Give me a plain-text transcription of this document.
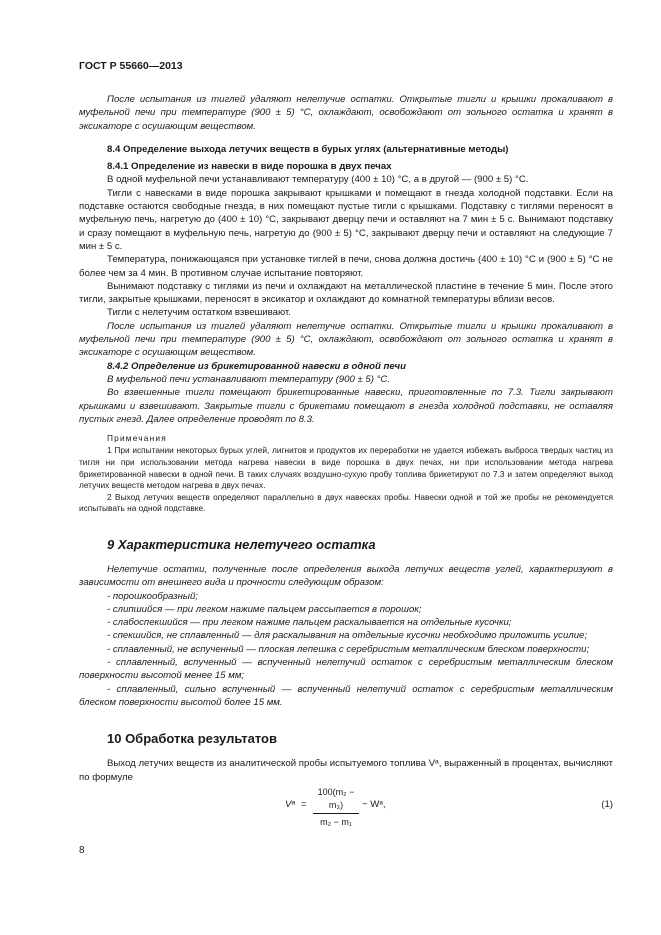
ГОСТ Р 55660—2013

После испытания из тиглей удаляют нелетучие остатки. Открытые тигли и крышки прокаливают в муфельной печи при температуре (900 ± 5) °C, охлаждают, освобождают от зольного остатка и хранят в эксикаторе с осушающим веществом.

8.4 Определение выхода летучих веществ в бурых углях (альтернативные методы)

8.4.1 Определение из навески в виде порошка в двух печах

В одной муфельной печи устанавливают температуру (400 ± 10) °C, а в другой — (900 ± 5) °C.

Тигли с навесками в виде порошка закрывают крышками и помещают в гнезда холодной подставки. Если на подставке остаются свободные гнезда, в них помещают пустые тигли с крышками. Подставку с тиглями переносят в муфельную печь, нагретую до (400 ± 10) °C, закрывают дверцу печи и оставляют на 7 мин ± 5 с. Вынимают подставку и сразу помещают в муфельную печь, нагретую до (900 ± 5) °C, закрывают дверцу печи и оставляют на следующие 7 мин ± 5 с.

Температура, понижающаяся при установке тиглей в печи, снова должна достичь (400 ± 10) °C и (900 ± 5) °C не более чем за 4 мин. В противном случае испытание повторяют.

Вынимают подставку с тиглями из печи и охлаждают на металлической пластине в течение 5 мин. После этого тигли, закрытые крышками, переносят в эксикатор и охлаждают до комнатной температуры вблизи весов.

Тигли с нелетучим остатком взвешивают.

После испытания из тиглей удаляют нелетучие остатки. Открытые тигли и крышки прокаливают в муфельной печи при температуре (900 ± 5) °C, охлаждают, освобождают от зольного остатка и хранят в эксикаторе с осушающим веществом.

8.4.2 Определение из брикетированной навески в одной печи

В муфельной печи устанавливают температуру (900 ± 5) °C.

Во взвешенные тигли помещают брикетированные навески, приготовленные по 7.3. Тигли закрывают крышками и взвешивают. Закрытые тигли с брикетами помещают в гнезда холодной подставки, не оставляя пустых гнезд. Далее определение проводят по 8.3.

Примечания

1 При испытании некоторых бурых углей, лигнитов и продуктов их переработки не удается избежать выброса твердых частиц из тигля ни при использовании метода нагрева навески в виде порошка в двух печах, ни при использовании метода нагрева брикетированной навески в одной печи. В таких случаях воздушно-сухую пробу топлива брикетируют по 7.3 и затем определяют выход летучих веществ методом нагрева в двух печах.

2 Выход летучих веществ определяют параллельно в двух навесках пробы. Навески одной и той же пробы не рекомендуется испытывать на одной подставке.

9 Характеристика нелетучего остатка

Нелетучие остатки, полученные после определения выхода летучих веществ углей, характеризуют в зависимости от внешнего вида и прочности следующим образом:

- порошкообразный;

- слипшийся — при легком нажиме пальцем рассыпается в порошок;

- слабоспекшийся — при легком нажиме пальцем раскалывается на отдельные кусочки;

- спекшийся, не сплавленный — для раскалывания на отдельные кусочки необходимо приложить усилие;

- сплавленный, не вспученный — плоская лепешка с серебристым металлическим блеском поверхности;

- сплавленный, вспученный — вспученный нелетучий остаток с серебристым металлическим блеском поверхности высотой менее 15 мм;

- сплавленный, сильно вспученный — вспученный нелетучий остаток с серебристым металлическим блеском поверхности высотой более 15 мм.

10 Обработка результатов

Выход летучих веществ из аналитической пробы испытуемого топлива Vᵃ, выраженный в процентах, вычисляют по формуле

Vᵃ = $\frac{\text{100(m₂ − m₃)}}{\text{m₂ − m₁}}$ − Wᵃ,	(1)
8
